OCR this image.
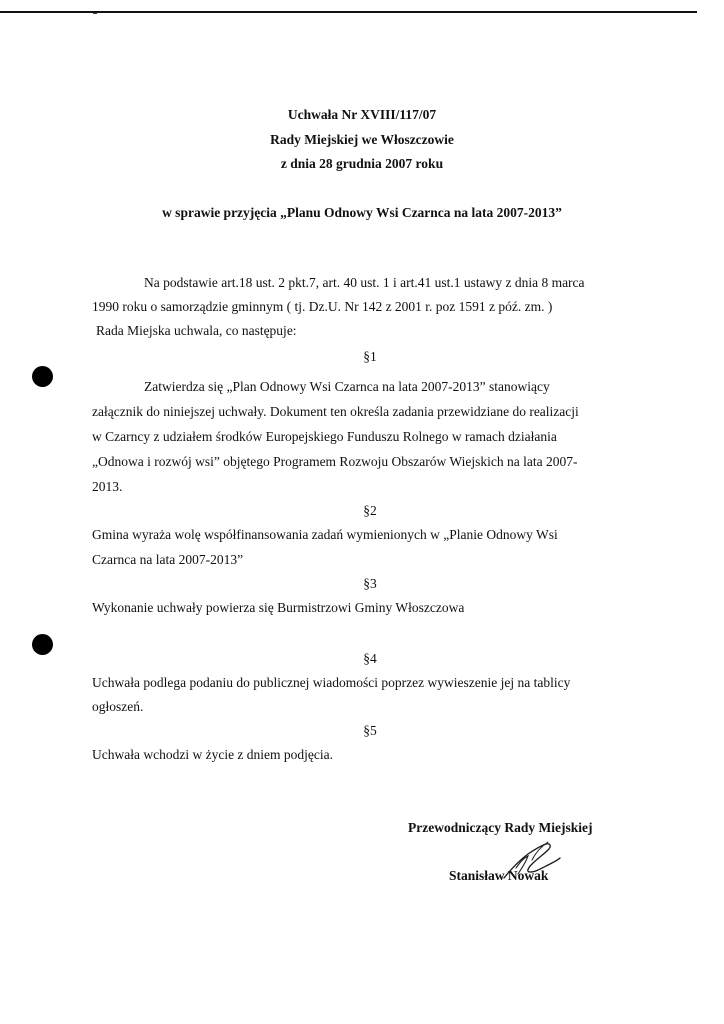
Uchwała Nr XVIII/117/07
Rady Miejskiej we Włoszczowie
z dnia 28 grudnia 2007 roku
w sprawie przyjęcia „Planu Odnowy Wsi Czarnca na lata 2007-2013”
Na podstawie art.18 ust. 2 pkt.7, art. 40 ust. 1 i art.41 ust.1 ustawy z dnia 8 marca
1990 roku o samorządzie gminnym ( tj. Dz.U. Nr 142 z 2001 r. poz 1591 z póź. zm. )
Rada Miejska uchwala, co następuje:
§1
Zatwierdza się „Plan Odnowy Wsi Czarnca na lata 2007-2013” stanowiący
załącznik do niniejszej uchwały. Dokument ten określa zadania przewidziane do realizacji
w Czarncy z udziałem środków Europejskiego Funduszu Rolnego w ramach działania
„Odnowa i rozwój wsi” objętego Programem Rozwoju Obszarów Wiejskich na lata 2007-
2013.
§2
Gmina wyraża wolę współfinansowania zadań wymienionych w „Planie Odnowy Wsi
Czarnca na lata 2007-2013”
§3
Wykonanie uchwały powierza się Burmistrzowi Gminy Włoszczowa
§4
Uchwała podlega podaniu do publicznej wiadomości poprzez wywieszenie jej na tablicy
ogłoszeń.
§5
Uchwała wchodzi w życie z dniem podjęcia.
Przewodniczący Rady Miejskiej
Stanisław Nowak
